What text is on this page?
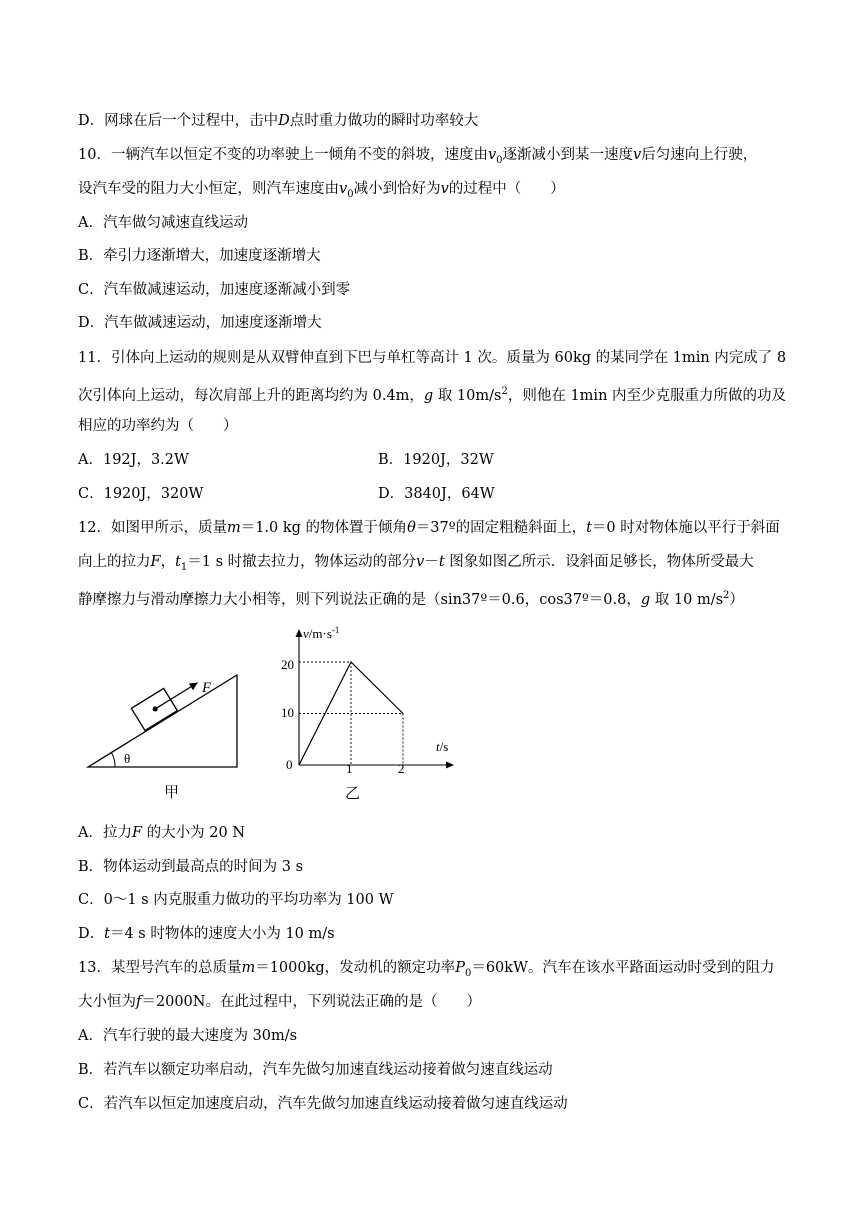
D．网球在后一个过程中，击中D点时重力做功的瞬时功率较大
10．一辆汽车以恒定不变的功率驶上一倾角不变的斜坡，速度由$v_0$逐渐减小到某一速度v后匀速向上行驶，
设汽车受的阻力大小恒定，则汽车速度由$v_0$减小到恰好为v的过程中（　　）
A．汽车做匀减速直线运动
B．牵引力逐渐增大，加速度逐渐增大
C．汽车做减速运动，加速度逐渐减小到零
D．汽车做减速运动，加速度逐渐增大
11．引体向上运动的规则是从双臂伸直到下巴与单杠等高计 1 次。质量为 60kg 的某同学在 1min 内完成了 8
次引体向上运动，每次肩部上升的距离均约为 0.4m，g 取 $10m/s^2$，则他在 1min 内至少克服重力所做的功及
相应的功率约为（　　）
A．192J，3.2W	B．1920J，32W
C．1920J，320W	D．3840J，64W
12．如图甲所示，质量m＝1.0 kg 的物体置于倾角θ＝37º的固定粗糙斜面上，t＝0 时对物体施以平行于斜面
向上的拉力F，$t_1=1$ s 时撤去拉力，物体运动的部分v－t 图象如图乙所示．设斜面足够长，物体所受最大
静摩擦力与滑动摩擦力大小相等，则下列说法正确的是（sin37º＝0.6，cos37º＝0.8，g 取 10 $m/s^2$）
F
θ
甲
$v/m\cdot s^{-1}$
t/s
20
10
0	1	2
乙
A．拉力F 的大小为 20 N
B．物体运动到最高点的时间为 3 s
C．0～1 s 内克服重力做功的平均功率为 100 W
D．t＝4 s 时物体的速度大小为 10 m/s
13．某型号汽车的总质量m＝1000kg，发动机的额定功率$P_0=60kW$。汽车在该水平路面运动时受到的阻力
大小恒为f＝2000N。在此过程中，下列说法正确的是（　　）
A．汽车行驶的最大速度为 30m/s
B．若汽车以额定功率启动，汽车先做匀加速直线运动接着做匀速直线运动
C．若汽车以恒定加速度启动，汽车先做匀加速直线运动接着做匀速直线运动
